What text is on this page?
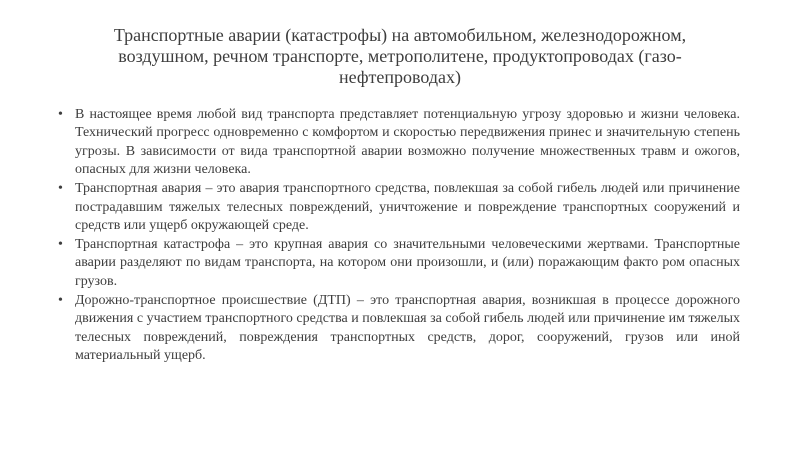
Транспортные аварии (катастрофы) на автомобильном, железнодорожном, воздушном, речном транспорте, метрополитене, продуктопроводах (газо-нефтепроводах)
• В настоящее время любой вид транспорта представляет потенциальную угрозу здоровью и жизни человека. Технический прогресс одновременно с комфортом и скоростью передвижения принес и значительную степень угрозы. В зависимости от вида транспортной аварии возможно получение множественных травм и ожогов, опасных для жизни человека.
• Транспортная авария – это авария транспортного средства, повлекшая за собой гибель людей или причинение пострадавшим тяжелых телесных повреждений, уничтожение и повреждение транспортных сооружений и средств или ущерб окружающей среде.
• Транспортная катастрофа – это крупная авария со значительными человеческими жертвами. Транспортные аварии разделяют по видам транспорта, на котором они произошли, и (или) поражающим факто ром опасных грузов.
• Дорожно-транспортное происшествие (ДТП) – это транспортная авария, возникшая в процессе дорожного движения с участием транспортного средства и повлекшая за собой гибель людей или причинение им тяжелых телесных повреждений, повреждения транспортных средств, дорог, сооружений, грузов или иной материальный ущерб.
